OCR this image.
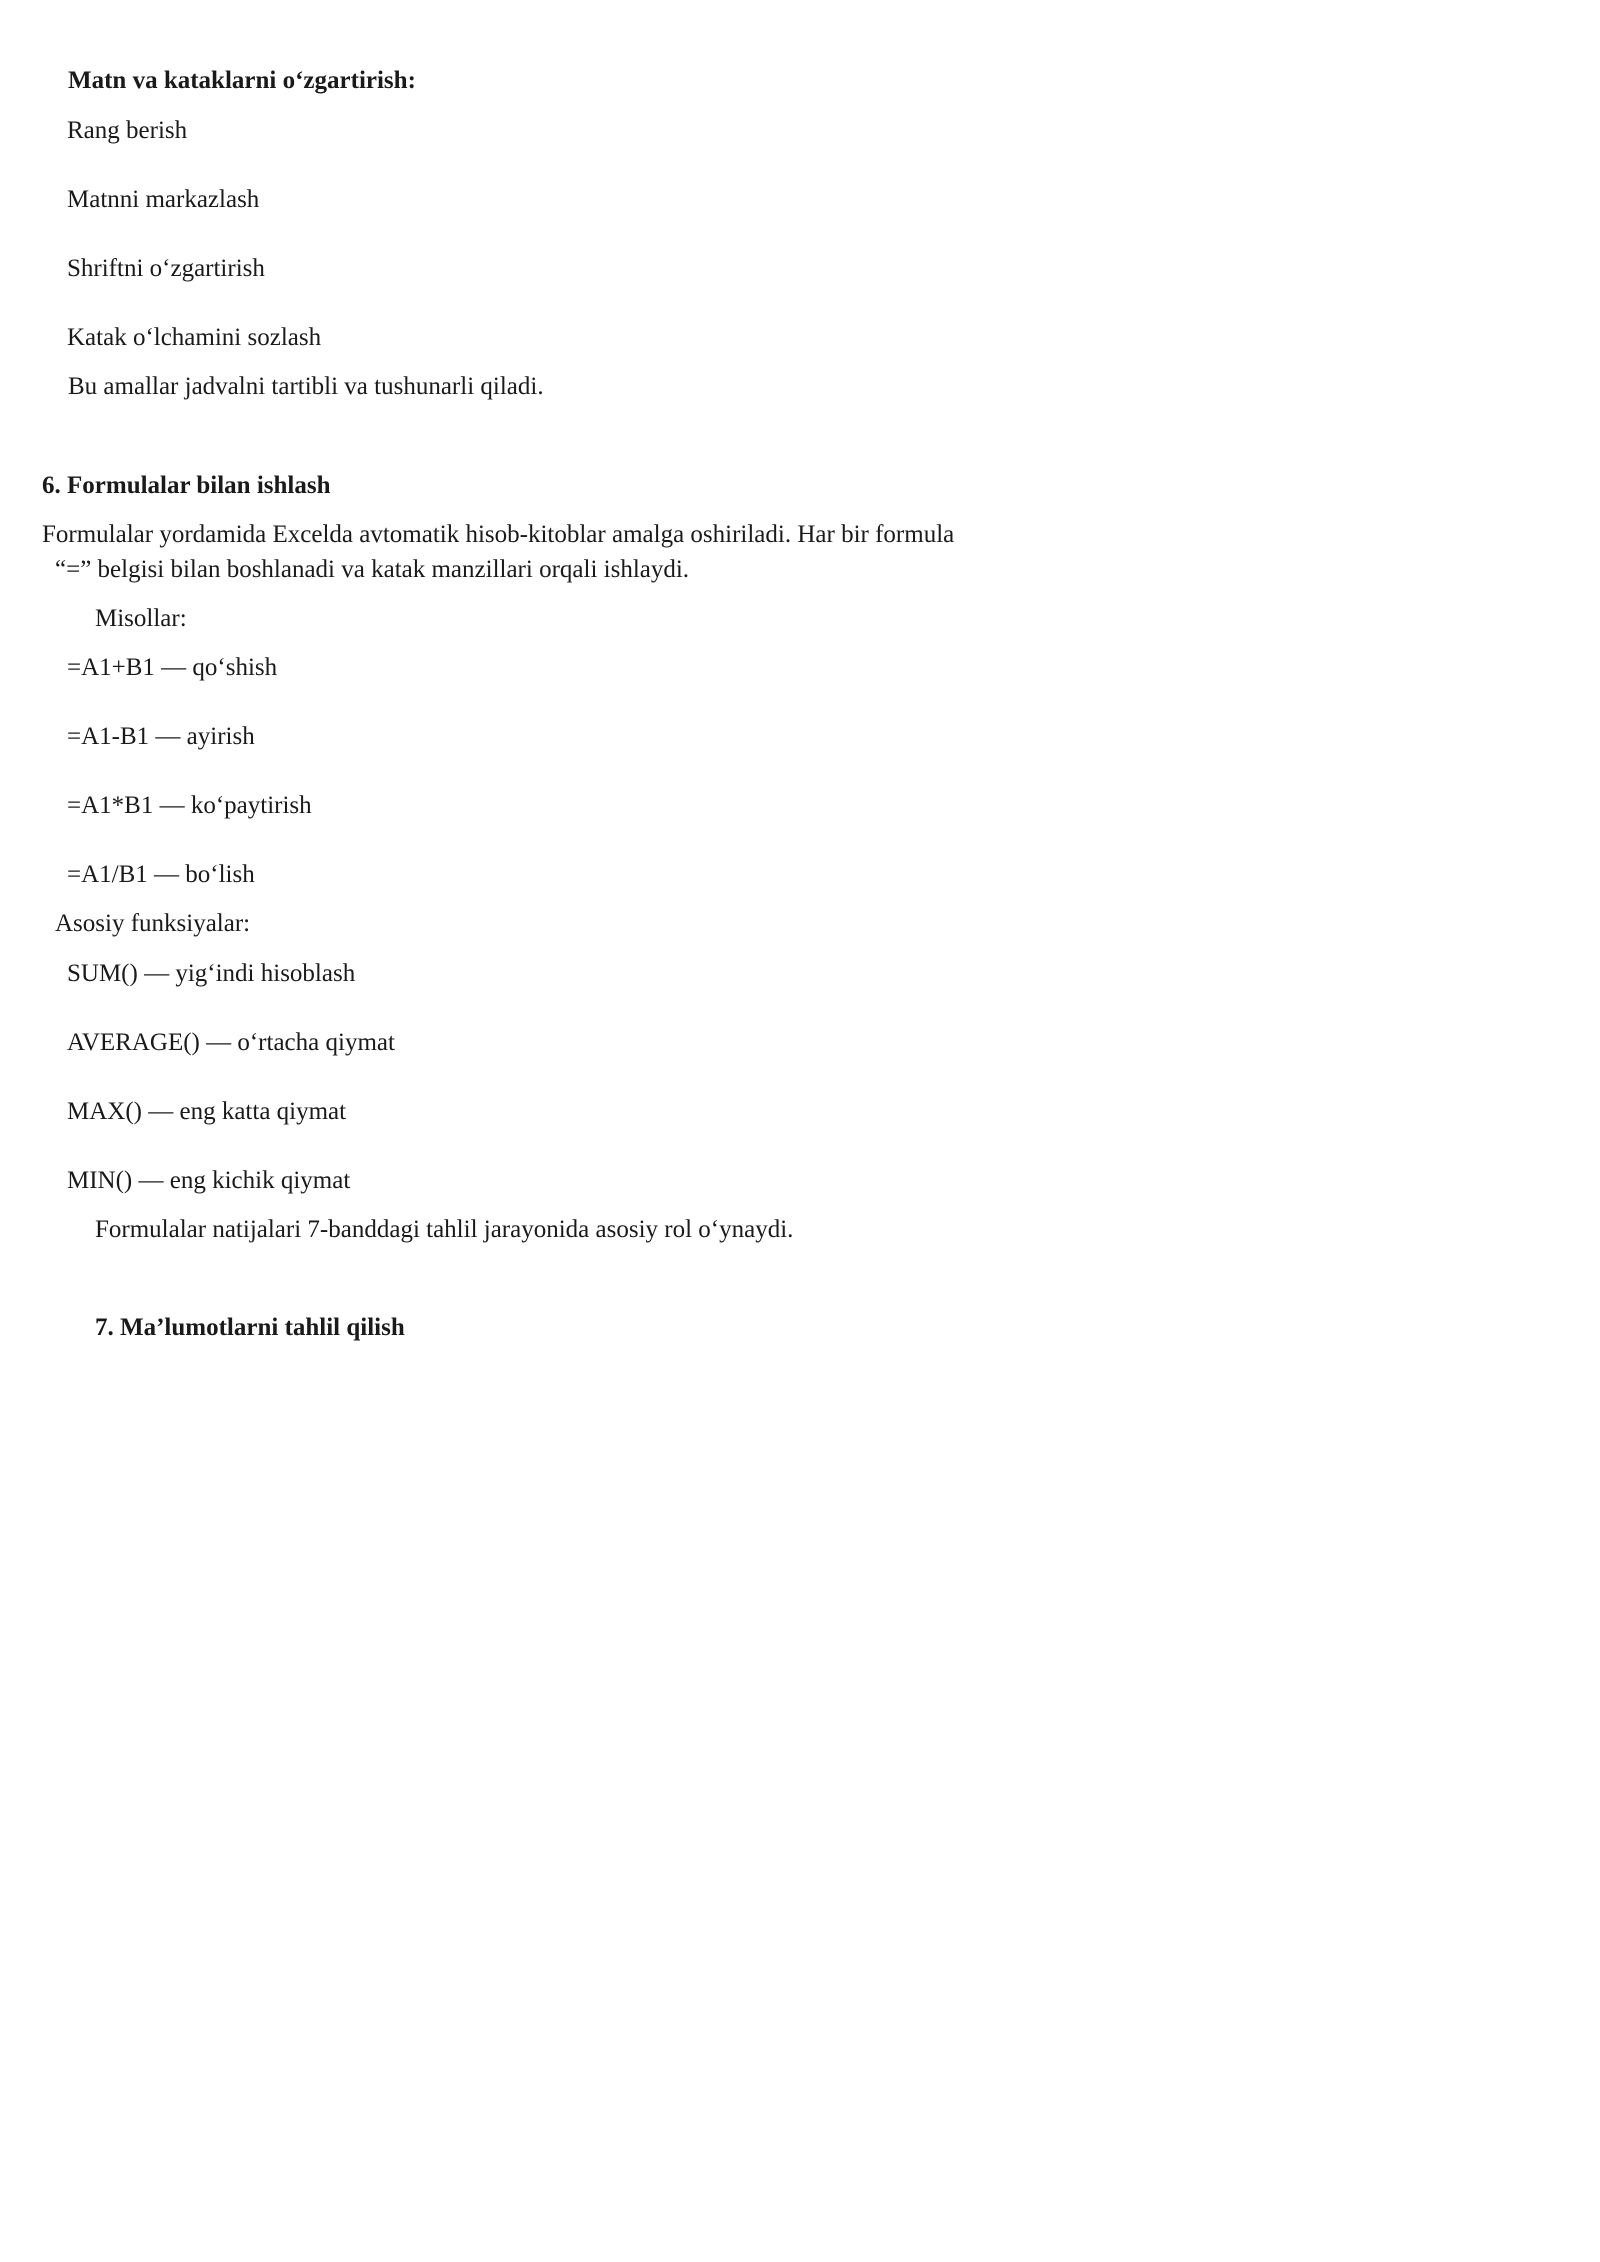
Matn va kataklarni o‘zgartirish:
Rang berish
Matnni markazlash
Shriftni o‘zgartirish
Katak o‘lchamini sozlash
Bu amallar jadvalni tartibli va tushunarli qiladi.
6. Formulalar bilan ishlash
Formulalar yordamida Excelda avtomatik hisob-kitoblar amalga oshiriladi. Har bir formula
“=” belgisi bilan boshlanadi va katak manzillari orqali ishlaydi.
Misollar:
=A1+B1 — qo‘shish
=A1-B1 — ayirish
=A1*B1 — ko‘paytirish
=A1/B1 — bo‘lish
Asosiy funksiyalar:
SUM() — yig‘indi hisoblash
AVERAGE() — o‘rtacha qiymat
MAX() — eng katta qiymat
MIN() — eng kichik qiymat
Formulalar natijalari 7-banddagi tahlil jarayonida asosiy rol o‘ynaydi.
7. Ma’lumotlarni tahlil qilish
